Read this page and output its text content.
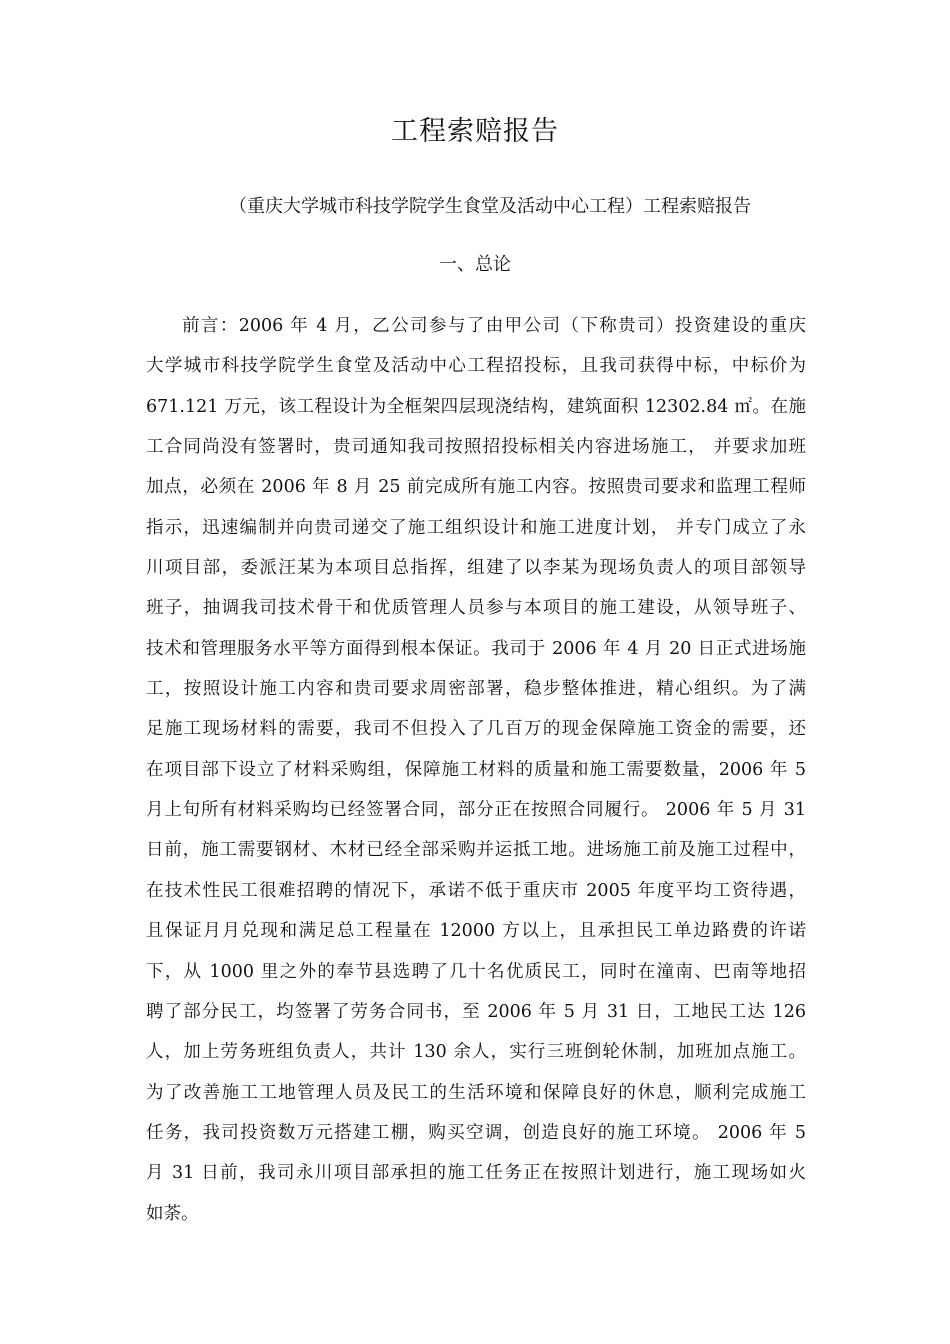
工程索赔报告
（重庆大学城市科技学院学生食堂及活动中心工程）工程索赔报告
一、总论
前言：2006 年 4 月，乙公司参与了由甲公司（下称贵司）投资建设的重庆
大学城市科技学院学生食堂及活动中心工程招投标，且我司获得中标，中标价为
671.121 万元，该工程设计为全框架四层现浇结构，建筑面积 12302.84 ㎡。在施
工合同尚没有签署时，贵司通知我司按照招投标相关内容进场施工， 并要求加班
加点，必须在 2006 年 8 月 25 前完成所有施工内容。按照贵司要求和监理工程师
指示，迅速编制并向贵司递交了施工组织设计和施工进度计划， 并专门成立了永
川项目部，委派汪某为本项目总指挥，组建了以李某为现场负责人的项目部领导
班子，抽调我司技术骨干和优质管理人员参与本项目的施工建设，从领导班子、
技术和管理服务水平等方面得到根本保证。我司于 2006 年 4 月 20 日正式进场施
工，按照设计施工内容和贵司要求周密部署，稳步整体推进，精心组织。为了满
足施工现场材料的需要，我司不但投入了几百万的现金保障施工资金的需要，还
在项目部下设立了材料采购组，保障施工材料的质量和施工需要数量，2006 年 5
月上旬所有材料采购均已经签署合同，部分正在按照合同履行。 2006 年 5 月 31
日前，施工需要钢材、木材已经全部采购并运抵工地。进场施工前及施工过程中，
在技术性民工很难招聘的情况下，承诺不低于重庆市 2005 年度平均工资待遇，
且保证月月兑现和满足总工程量在 12000 方以上，且承担民工单边路费的许诺
下，从 1000 里之外的奉节县选聘了几十名优质民工，同时在潼南、巴南等地招
聘了部分民工，均签署了劳务合同书，至 2006 年 5 月 31 日，工地民工达 126
人，加上劳务班组负责人，共计 130 余人，实行三班倒轮休制，加班加点施工。
为了改善施工工地管理人员及民工的生活环境和保障良好的休息，顺利完成施工
任务，我司投资数万元搭建工棚，购买空调，创造良好的施工环境。 2006 年 5
月 31 日前，我司永川项目部承担的施工任务正在按照计划进行，施工现场如火
如荼。
